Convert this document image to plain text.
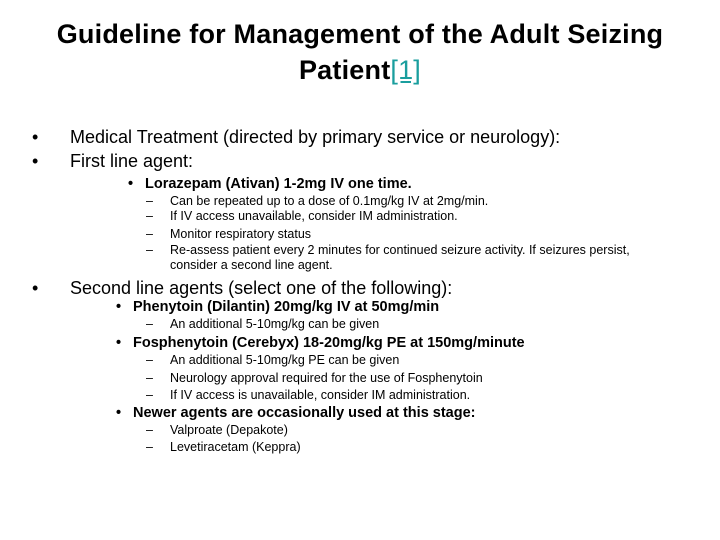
Guideline for Management of the Adult Seizing Patient[1]
• Medical Treatment (directed by primary service or neurology):
• First line agent:
• Lorazepam (Ativan) 1-2mg IV one time.
– Can be repeated up to a dose of 0.1mg/kg IV at 2mg/min.
– If IV access unavailable, consider IM administration.
– Monitor respiratory status
– Re-assess patient every 2 minutes for continued seizure activity. If seizures persist, consider a second line agent.
• Second line agents (select one of the following):
• Phenytoin (Dilantin) 20mg/kg IV at 50mg/min
– An additional 5-10mg/kg can be given
• Fosphenytoin (Cerebyx) 18-20mg/kg PE at 150mg/minute
– An additional 5-10mg/kg PE can be given
– Neurology approval required for the use of Fosphenytoin
– If IV access is unavailable, consider IM administration.
• Newer agents are occasionally used at this stage:
– Valproate (Depakote)
– Levetiracetam (Keppra)
